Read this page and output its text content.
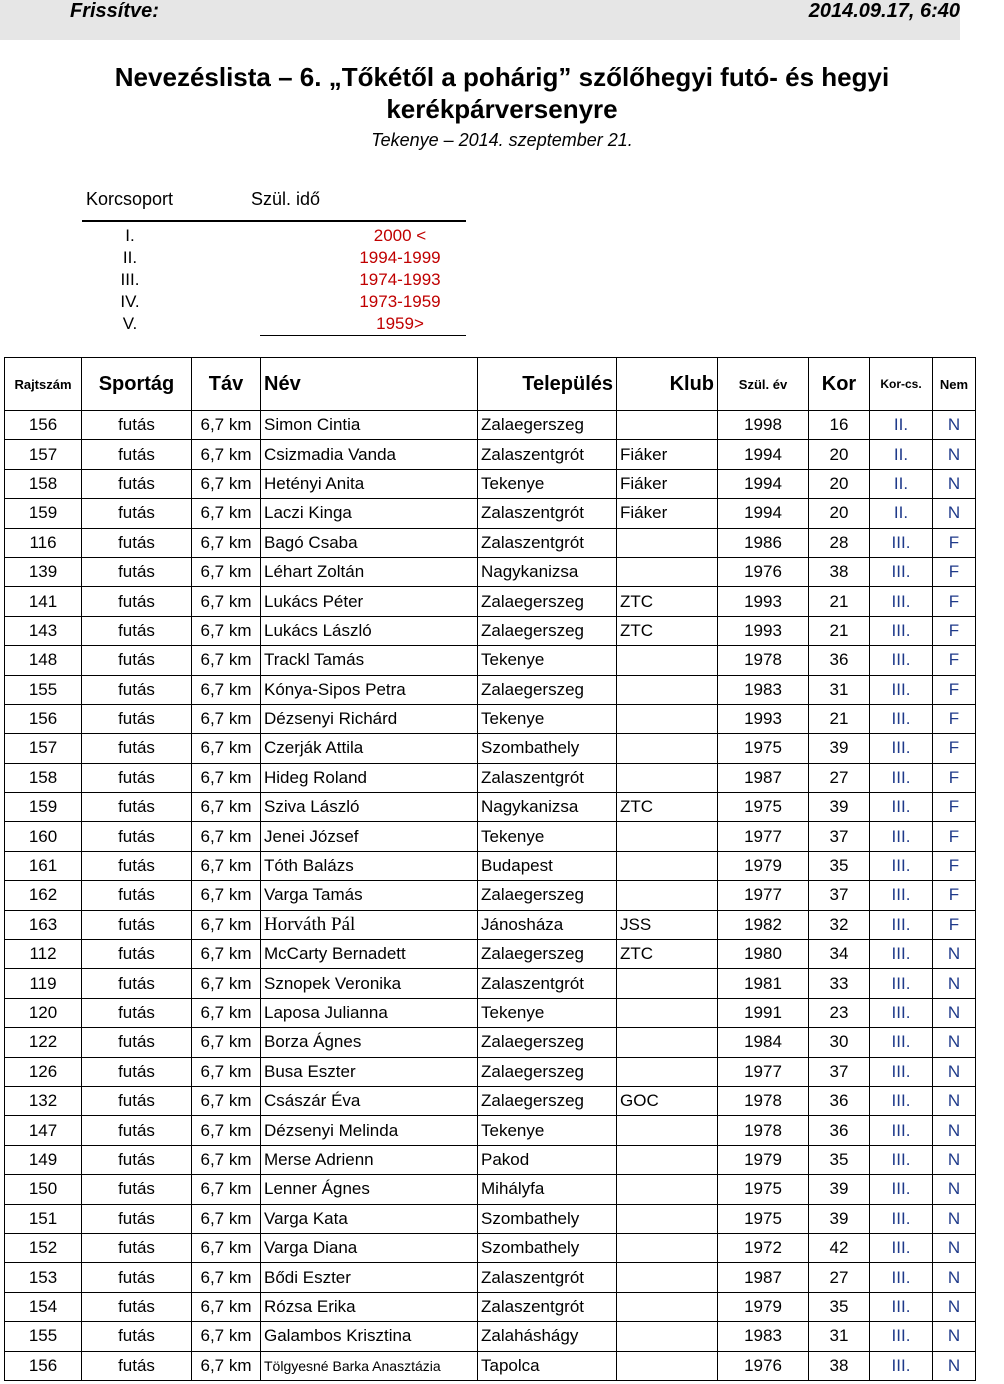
Frissítve:	2014.09.17, 6:40
Nevezéslista – 6. „Tőkétől a pohárig” szőlőhegyi futó- és hegyi
kerékpárversenyre
Tekenye – 2014. szeptember 21.
Korcsoport	Szül. idő
I.	2000 <
II.	1994-1999
III.	1974-1993
IV.	1973-1959
V.	1959>
Rajtszám	Sportág	Táv	Név	Település	Klub	Szül. év	Kor	Kor-cs.	Nem
156	futás	6,7 km	Simon Cintia	Zalaegerszeg		1998	16	II.	N
157	futás	6,7 km	Csizmadia Vanda	Zalaszentgrót	Fiáker	1994	20	II.	N
158	futás	6,7 km	Hetényi Anita	Tekenye	Fiáker	1994	20	II.	N
159	futás	6,7 km	Laczi Kinga	Zalaszentgrót	Fiáker	1994	20	II.	N
116	futás	6,7 km	Bagó Csaba	Zalaszentgrót		1986	28	III.	F
139	futás	6,7 km	Léhart Zoltán	Nagykanizsa		1976	38	III.	F
141	futás	6,7 km	Lukács Péter	Zalaegerszeg	ZTC	1993	21	III.	F
143	futás	6,7 km	Lukács László	Zalaegerszeg	ZTC	1993	21	III.	F
148	futás	6,7 km	Trackl Tamás	Tekenye		1978	36	III.	F
155	futás	6,7 km	Kónya-Sipos Petra	Zalaegerszeg		1983	31	III.	F
156	futás	6,7 km	Dézsenyi Richárd	Tekenye		1993	21	III.	F
157	futás	6,7 km	Czerják Attila	Szombathely		1975	39	III.	F
158	futás	6,7 km	Hideg Roland	Zalaszentgrót		1987	27	III.	F
159	futás	6,7 km	Sziva László	Nagykanizsa	ZTC	1975	39	III.	F
160	futás	6,7 km	Jenei József	Tekenye		1977	37	III.	F
161	futás	6,7 km	Tóth Balázs	Budapest		1979	35	III.	F
162	futás	6,7 km	Varga Tamás	Zalaegerszeg		1977	37	III.	F
163	futás	6,7 km	Horváth Pál	Jánosháza	JSS	1982	32	III.	F
112	futás	6,7 km	McCarty Bernadett	Zalaegerszeg	ZTC	1980	34	III.	N
119	futás	6,7 km	Sznopek Veronika	Zalaszentgrót		1981	33	III.	N
120	futás	6,7 km	Laposa Julianna	Tekenye		1991	23	III.	N
122	futás	6,7 km	Borza Ágnes	Zalaegerszeg		1984	30	III.	N
126	futás	6,7 km	Busa Eszter	Zalaegerszeg		1977	37	III.	N
132	futás	6,7 km	Császár Éva	Zalaegerszeg	GOC	1978	36	III.	N
147	futás	6,7 km	Dézsenyi Melinda	Tekenye		1978	36	III.	N
149	futás	6,7 km	Merse Adrienn	Pakod		1979	35	III.	N
150	futás	6,7 km	Lenner Ágnes	Mihályfa		1975	39	III.	N
151	futás	6,7 km	Varga Kata	Szombathely		1975	39	III.	N
152	futás	6,7 km	Varga Diana	Szombathely		1972	42	III.	N
153	futás	6,7 km	Bődi Eszter	Zalaszentgrót		1987	27	III.	N
154	futás	6,7 km	Rózsa Erika	Zalaszentgrót		1979	35	III.	N
155	futás	6,7 km	Galambos Krisztina	Zalaháshágy		1983	31	III.	N
156	futás	6,7 km	Tölgyesné Barka Anasztázia	Tapolca		1976	38	III.	N
